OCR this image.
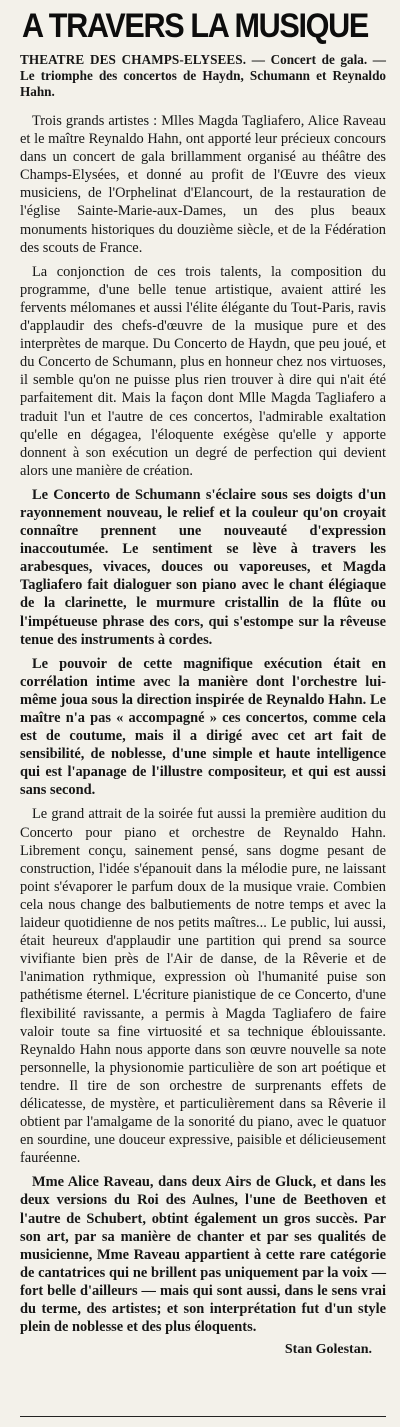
A TRAVERS LA MUSIQUE
THEATRE DES CHAMPS-ELYSEES. — Concert de gala. — Le triomphe des concertos de Haydn, Schumann et Reynaldo Hahn.

Trois grands artistes : Mlles Magda Tagliafero, Alice Raveau et le maître Reynaldo Hahn, ont apporté leur précieux concours dans un concert de gala brillamment organisé au théâtre des Champs-Elysées, et donné au profit de l'Œuvre des vieux musiciens, de l'Orphelinat d'Elancourt, de la restauration de l'église Sainte-Marie-aux-Dames, un des plus beaux monuments historiques du douzième siècle, et de la Fédération des scouts de France.

La conjonction de ces trois talents, la composition du programme, d'une belle tenue artistique, avaient attiré les fervents mélomanes et aussi l'élite élégante du Tout-Paris, ravis d'applaudir des chefs-d'œuvre de la musique pure et des interprètes de marque. Du Concerto de Haydn, que peu joué, et du Concerto de Schumann, plus en honneur chez nos virtuoses, il semble qu'on ne puisse plus rien trouver à dire qui n'ait été parfaitement dit. Mais la façon dont Mlle Magda Tagliafero a traduit l'un et l'autre de ces concertos, l'admirable exaltation qu'elle en dégagea, l'éloquente exégèse qu'elle y apporte donnent à son exécution un degré de perfection qui devient alors une manière de création.

Le Concerto de Schumann s'éclaire sous ses doigts d'un rayonnement nouveau, le relief et la couleur qu'on croyait connaître prennent une nouveauté d'expression inaccoutumée. Le sentiment se lève à travers les arabesques, vivaces, douces ou vaporeuses, et Magda Tagliafero fait dialoguer son piano avec le chant élégiaque de la clarinette, le murmure cristallin de la flûte ou l'impétueuse phrase des cors, qui s'estompe sur la rêveuse tenue des instruments à cordes.

Le pouvoir de cette magnifique exécution était en corrélation intime avec la manière dont l'orchestre lui-même joua sous la direction inspirée de Reynaldo Hahn. Le maître n'a pas « accompagné » ces concertos, comme cela est de coutume, mais il a dirigé avec cet art fait de sensibilité, de noblesse, d'une simple et haute intelligence qui est l'apanage de l'illustre compositeur, et qui est aussi sans second.

Le grand attrait de la soirée fut aussi la première audition du Concerto pour piano et orchestre de Reynaldo Hahn. Librement conçu, sainement pensé, sans dogme pesant de construction, l'idée s'épanouit dans la mélodie pure, ne laissant point s'évaporer le parfum doux de la musique vraie. Combien cela nous change des balbutiements de notre temps et avec la laideur quotidienne de nos petits maîtres... Le public, lui aussi, était heureux d'applaudir une partition qui prend sa source vivifiante bien près de l'Air de danse, de la Rêverie et de l'animation rythmique, expression où l'humanité puise son pathétisme éternel. L'écriture pianistique de ce Concerto, d'une flexibilité ravissante, a permis à Magda Tagliafero de faire valoir toute sa fine virtuosité et sa technique éblouissante. Reynaldo Hahn nous apporte dans son œuvre nouvelle sa note personnelle, la physionomie particulière de son art poétique et tendre. Il tire de son orchestre de surprenants effets de délicatesse, de mystère, et particulièrement dans sa Rêverie il obtient par l'amalgame de la sonorité du piano, avec le quatuor en sourdine, une douceur expressive, paisible et délicieusement fauréenne.

Mme Alice Raveau, dans deux Airs de Gluck, et dans les deux versions du Roi des Aulnes, l'une de Beethoven et l'autre de Schubert, obtint également un gros succès. Par son art, par sa manière de chanter et par ses qualités de musicienne, Mme Raveau appartient à cette rare catégorie de cantatrices qui ne brillent pas uniquement par la voix — fort belle d'ailleurs — mais qui sont aussi, dans le sens vrai du terme, des artistes; et son interprétation fut d'un style plein de noblesse et des plus éloquents.

Stan Golestan.
